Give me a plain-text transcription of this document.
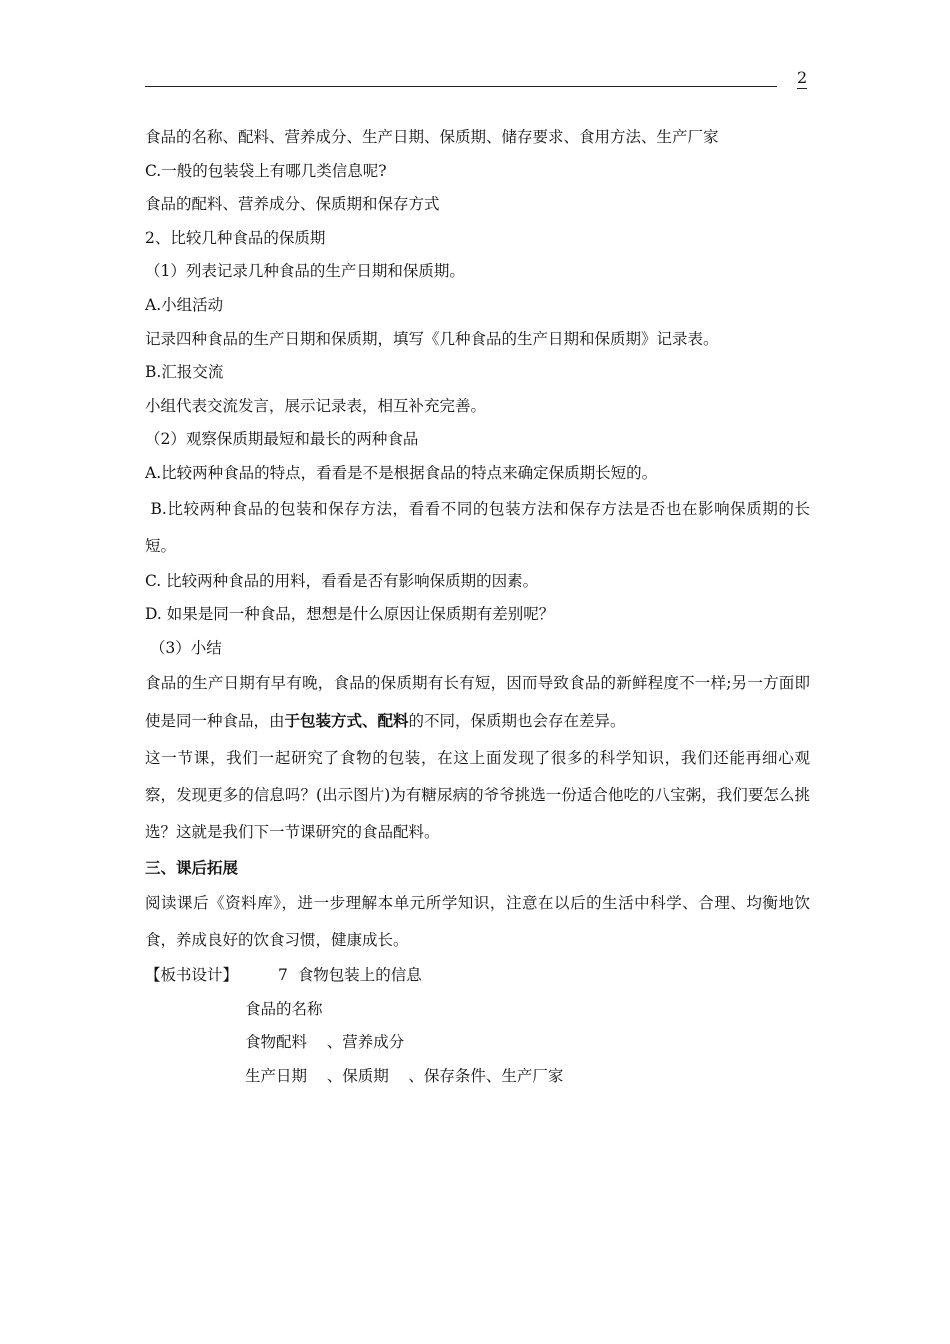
2
食品的名称、配料、营养成分、生产日期、保质期、储存要求、食用方法、生产厂家
C.一般的包装袋上有哪几类信息呢?
食品的配料、营养成分、保质期和保存方式
2、比较几种食品的保质期
（1）列表记录几种食品的生产日期和保质期。
A.小组活动
记录四种食品的生产日期和保质期，填写《几种食品的生产日期和保质期》记录表。
B.汇报交流
小组代表交流发言，展示记录表，相互补充完善。
（2）观察保质期最短和最长的两种食品
A.比较两种食品的特点，看看是不是根据食品的特点来确定保质期长短的。
B.比较两种食品的包装和保存方法，看看不同的包装方法和保存方法是否也在影响保质期的长短。
C. 比较两种食品的用料，看看是否有影响保质期的因素。
D. 如果是同一种食品，想想是什么原因让保质期有差别呢？
（3）小结
食品的生产日期有早有晚，食品的保质期有长有短，因而导致食品的新鲜程度不一样;另一方面即使是同一种食品，由于包装方式、配料的不同，保质期也会存在差异。
这一节课，我们一起研究了食物的包装，在这上面发现了很多的科学知识，我们还能再细心观察，发现更多的信息吗？(出示图片)为有糖尿病的爷爷挑选一份适合他吃的八宝粥，我们要怎么挑选？这就是我们下一节课研究的食品配料。
三、课后拓展
阅读课后《资料库》，进一步理解本单元所学知识，注意在以后的生活中科学、合理、均衡地饮食，养成良好的饮食习惯，健康成长。
【板书设计】	7  食物包装上的信息
食品的名称
食物配料    、营养成分
生产日期    、保质期    、保存条件、生产厂家
